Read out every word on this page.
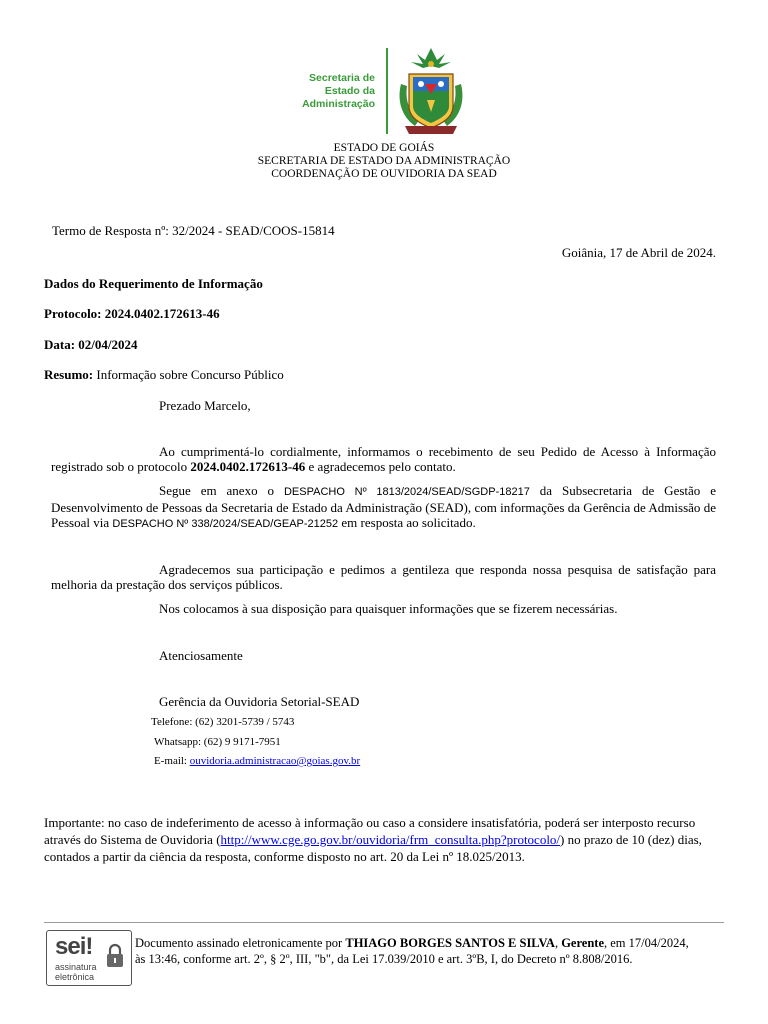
Secretaria de
Estado da
Administração
ESTADO DE GOIÁS
SECRETARIA DE ESTADO DA ADMINISTRAÇÃO
COORDENAÇÃO DE OUVIDORIA DA SEAD
Termo de Resposta nº: 32/2024 - SEAD/COOS-15814
Goiânia, 17 de Abril de 2024.
Dados do Requerimento de Informação
Protocolo: 2024.0402.172613-46
Data: 02/04/2024
Resumo: Informação sobre Concurso Público
Prezado Marcelo,
Ao cumprimentá-lo cordialmente, informamos o recebimento de seu Pedido de Acesso à Informação registrado sob o protocolo 2024.0402.172613-46 e agradecemos pelo contato.
Segue em anexo o DESPACHO Nº 1813/2024/SEAD/SGDP-18217 da Subsecretaria de Gestão e Desenvolvimento de Pessoas da Secretaria de Estado da Administração (SEAD), com informações da Gerência de Admissão de Pessoal via DESPACHO Nº 338/2024/SEAD/GEAP-21252 em resposta ao solicitado.
Agradecemos sua participação e pedimos a gentileza que responda nossa pesquisa de satisfação para melhoria da prestação dos serviços públicos.
Nos colocamos à sua disposição para quaisquer informações que se fizerem necessárias.
Atenciosamente
Gerência da Ouvidoria Setorial-SEAD
Telefone: (62) 3201-5739 / 5743
Whatsapp: (62) 9 9171-7951
E-mail: ouvidoria.administracao@goias.gov.br
Importante: no caso de indeferimento de acesso à informação ou caso a considere insatisfatória, poderá ser interposto recurso através do Sistema de Ouvidoria (http://www.cge.go.gov.br/ouvidoria/frm_consulta.php?protocolo/) no prazo de 10 (dez) dias, contados a partir da ciência da resposta, conforme disposto no art. 20 da Lei nº 18.025/2013.
sei!
assinatura
eletrônica
Documento assinado eletronicamente por THIAGO BORGES SANTOS E SILVA, Gerente, em 17/04/2024, às 13:46, conforme art. 2º, § 2º, III, "b", da Lei 17.039/2010 e art. 3ºB, I, do Decreto nº 8.808/2016.
